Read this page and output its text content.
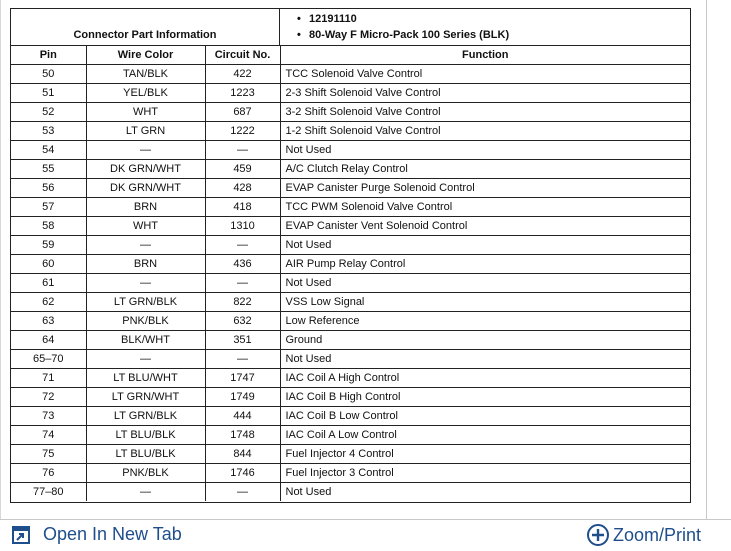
Connector Part Information
• 12191110
• 80-Way F Micro-Pack 100 Series (BLK)
Pin	Wire Color	Circuit No.	Function
50	TAN/BLK	422	TCC Solenoid Valve Control
51	YEL/BLK	1223	2-3 Shift Solenoid Valve Control
52	WHT	687	3-2 Shift Solenoid Valve Control
53	LT GRN	1222	1-2 Shift Solenoid Valve Control
54	—	—	Not Used
55	DK GRN/WHT	459	A/C Clutch Relay Control
56	DK GRN/WHT	428	EVAP Canister Purge Solenoid Control
57	BRN	418	TCC PWM Solenoid Valve Control
58	WHT	1310	EVAP Canister Vent Solenoid Control
59	—	—	Not Used
60	BRN	436	AIR Pump Relay Control
61	—	—	Not Used
62	LT GRN/BLK	822	VSS Low Signal
63	PNK/BLK	632	Low Reference
64	BLK/WHT	351	Ground
65–70	—	—	Not Used
71	LT BLU/WHT	1747	IAC Coil A High Control
72	LT GRN/WHT	1749	IAC Coil B High Control
73	LT GRN/BLK	444	IAC Coil B Low Control
74	LT BLU/BLK	1748	IAC Coil A Low Control
75	LT BLU/BLK	844	Fuel Injector 4 Control
76	PNK/BLK	1746	Fuel Injector 3 Control
77–80	—	—	Not Used
Open In New Tab	Zoom/Print
